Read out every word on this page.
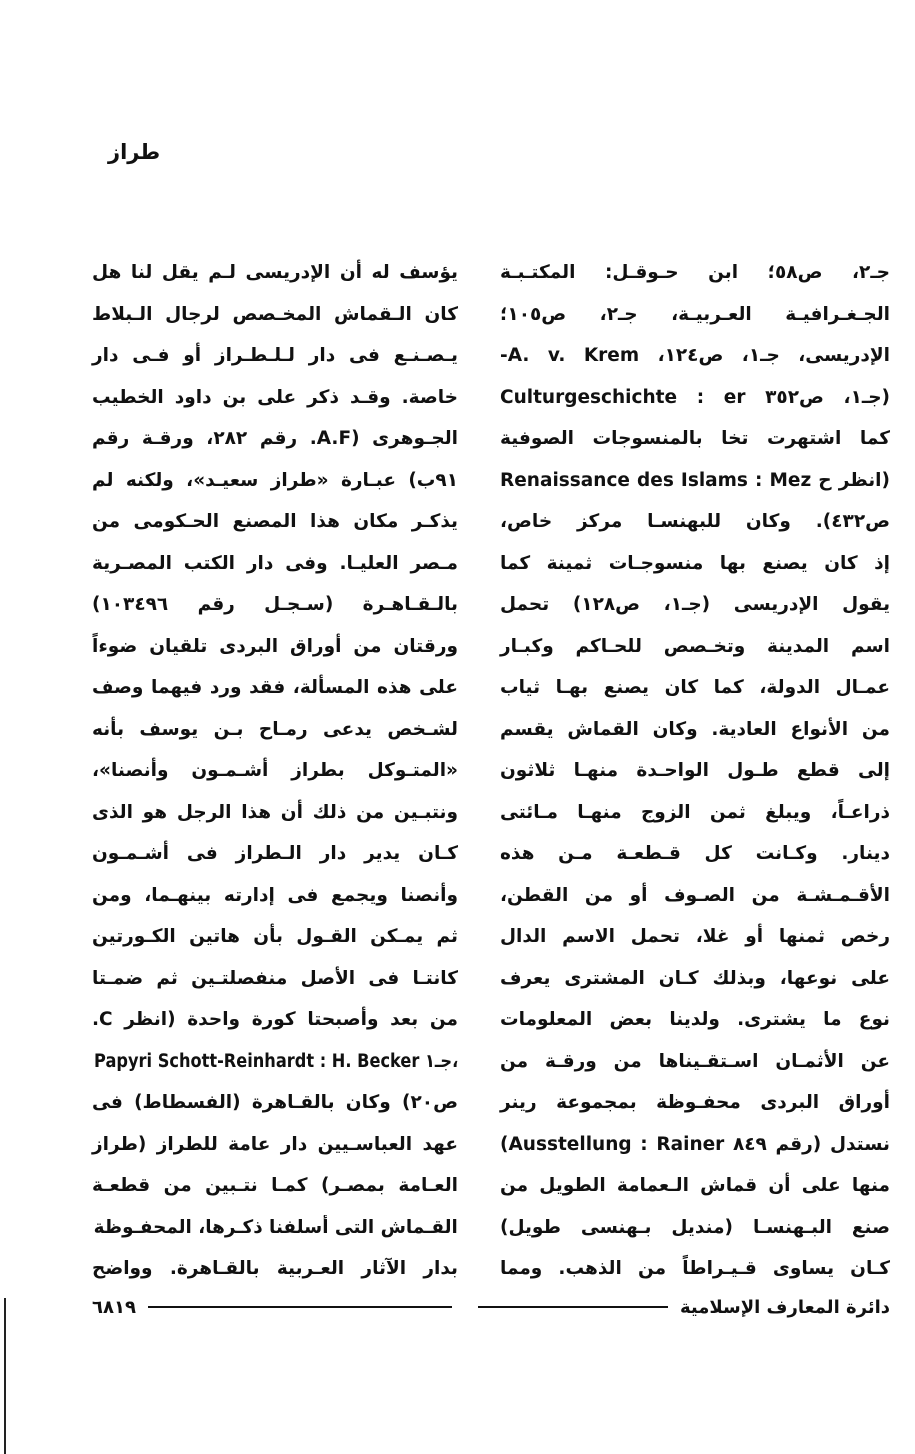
طراز
جـ٢، ص٥٨؛ ابن حـوقـل: المكتـبـة
الجـغـرافيـة العـربيـة، جـ٢، ص١٠٥؛
الإدريسى، جـ١، ص١٢٤، A. v. Krem-
Culturgeschichte : er جـ١، ص٣٥٢)
كما اشتهرت تخا بالمنسوجات الصوفية
(انظر ح Renaissance des Islams : Mez
ص٤٣٢). وكان للبهنسـا مركز خاص،
إذ كان يصنع بها منسوجـات ثمينة كما
يقول الإدريسى (جـ١، ص١٢٨) تحمل
اسم المدينة وتخـصص للحـاكم وكبـار
عمـال الدولة، كما كان يصنع بهـا ثياب
من الأنواع العادية. وكان القماش يقسم
إلى قطع طـول الواحـدة منهـا ثلاثون
ذراعـاً، ويبلغ ثمن الزوج منهـا مـائتى
دينار. وكـانت كل قـطعـة مـن هذه
الأقـمـشـة من الصـوف أو من القطن،
رخص ثمنها أو غلا، تحمل الاسم الدال
على نوعها، وبذلك كـان المشترى يعرف
نوع ما يشترى. ولدينا بعض المعلومات
عن الأثمـان اسـتقـيناها من ورقـة من
أوراق البردى محفـوظة بمجموعة رينر
(Ausstellung : Rainer رقم ٨٤٩) نستدل
منها على أن قماش الـعمامة الطويل من
صنع البـهنسـا (منديل بـهنسى طويل)
كـان يساوى قـيـراطاً من الذهب. ومما
يؤسف له أن الإدريسى لـم يقل لنا هل
كان الـقماش المخـصص لرجال الـبلاط
يـصـنـع فى دار لـلـطـراز أو فـى دار
خاصة. وقـد ذكر على بن داود الخطيب
الجـوهرى (A.F. رقم ٢٨٢، ورقـة رقم
٩١ب) عبـارة «طراز سعيـد»، ولكنه لم
يذكـر مكان هذا المصنع الحـكومى من
مـصر العليـا. وفى دار الكتب المصـرية
بالـقـاهـرة (سـجـل رقم ١٠٣٤٩٦)
ورقتان من أوراق البردى تلقيان ضوءاً
على هذه المسألة، فقد ورد فيهما وصف
لشـخص يدعى رمـاح بـن يوسف بأنه
«المتـوكل بطراز أشـمـون وأنصنا»،
ونتبـين من ذلك أن هذا الرجل هو الذى
كـان يدير دار الـطراز فى أشـمـون
وأنصنا ويجمع فى إدارته بينهـما، ومن
ثم يمـكن القـول بأن هاتين الكـورتين
كانتـا فى الأصل منفصلتـين ثم ضمـتا
من بعد وأصبحتا كورة واحدة (انظر C.
Papyri Schott-Reinhardt : H. Becker جـ١،
ص٢٠) وكان بالقـاهرة (الفسطاط) فى
عهد العباسـيين دار عامة للطراز (طراز
العـامة بمصـر) كمـا نتـبين من قطعـة
القـماش التى أسلفنا ذكـرها، المحفـوظة
بدار الآثار العـربية بالقـاهرة. وواضح
دائرة المعارف الإسلامية
٦٨١٩
